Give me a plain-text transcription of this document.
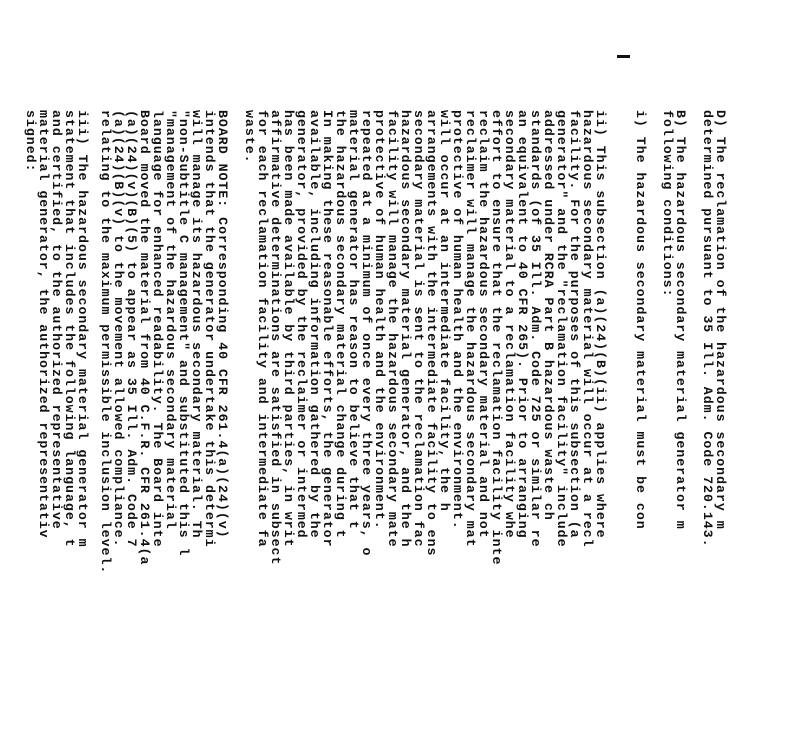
D) The reclamation of the hazardous secondary m
determined pursuant to 35 Ill. Adm. Code 720.143.
B) The hazardous secondary material generator m
following conditions:
i) The hazardous secondary material must be con
ii) This subsection (a)(24)(B)(ii) applies where
hazardous secondary material will occur at a recl
facility. For the purposes of this subsection (a
generator" and the "reclamation facility" include
addressed under RCRA Part B hazardous waste ch
standards (of 35 Ill. Adm. Code 725 or similar re
an equivalent to 40 CFR 265). Prior to arranging
secondary material to a reclamation facility whe
effort to ensure that the reclamation facility inte
reclaim the hazardous secondary material and not
reclaimer will manage the hazardous secondary mat
protective of human health and the environment.
will occur at an intermediate facility, the h
arrangements with the intermediate facility to ens
secondary material is sent to the reclamation fac
hazardous secondary material generator, and the h
facility will manage the hazardous secondary mate
protective of human health and the environment.
repeated at a minimum of once every three years, o
material generator has reason to believe that t
the hazardous secondary material change during t
In making these reasonable efforts, the generator
available, including information gathered by the
generator, provided by the reclaimer or intermed
has been made available by third parties, in writ
affirmative determinations are satisfied in subsect
for each reclamation facility and intermediate fa
waste.
BOARD NOTE: Corresponding 40 CFR 261.4(a)(24)(v)
intends that the generator undertake this determi
will manage its hazardous secondary material. Th
"non-Subtitle C management" and substituted this l
"management of the hazardous secondary material
language for enhanced readability. The Board inte
Board moved the material from 40 C.F.R. CFR 261.4(a
(a)(24)(v)(B)(5) to appear as 35 Ill. Adm. Code 7
(a)(24)(B)(v) to the movement allowed compliance.
relating to the maximum permissible inclusion level.
iii) The hazardous secondary material generator m
statement that includes the following language, t
and certified, to the authorized representative
material generator, the authorized representativ
signed:
